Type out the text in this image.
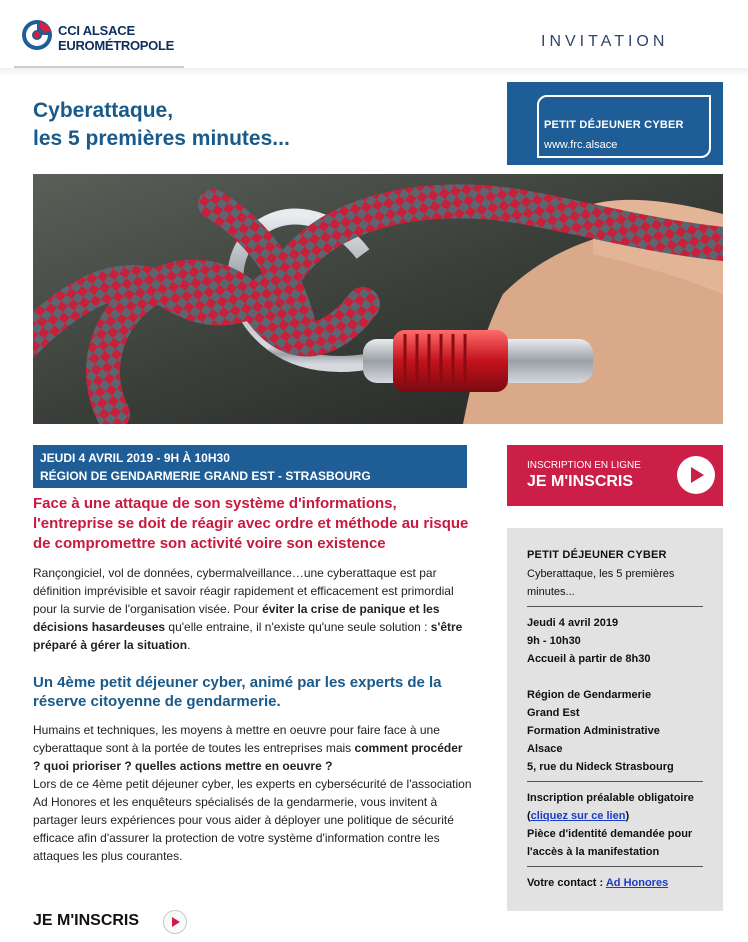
CCI ALSACE
EUROMÉTROPOLE	INVITATION
Cyberattaque,
les 5 premières minutes...
PETIT DÉJEUNER CYBER
www.frc.alsace
JEUDI 4 AVRIL 2019 - 9H À 10H30
RÉGION DE GENDARMERIE GRAND EST - STRASBOURG
INSCRIPTION EN LIGNE
JE M'INSCRIS
Face à une attaque de son système d'informations, l'entreprise se doit de réagir avec ordre et méthode au risque de compromettre son activité voire son existence
Rançongiciel, vol de données, cybermalveillance…une cyberattaque est par définition imprévisible et savoir réagir rapidement et efficacement est primordial pour la survie de l'organisation visée. Pour éviter la crise de panique et les décisions hasardeuses qu'elle entraine, il n'existe qu'une seule solution : s'être préparé à gérer la situation.
Un 4ème petit déjeuner cyber, animé par les experts de la réserve citoyenne de gendarmerie.
Humains et techniques, les moyens à mettre en oeuvre pour faire face à une cyberattaque sont à la portée de toutes les entreprises mais comment procéder ? quoi prioriser ? quelles actions mettre en oeuvre ?
Lors de ce 4ème petit déjeuner cyber, les experts en cybersécurité de l'association Ad Honores et les enquêteurs spécialisés de la gendarmerie, vous invitent à partager leurs expériences pour vous aider à déployer une politique de sécurité efficace afin d'assurer la protection de votre système d'information contre les attaques les plus courantes.
JE M'INSCRIS
PETIT DÉJEUNER CYBER
Cyberattaque, les 5 premières minutes...
Jeudi 4 avril 2019
9h - 10h30
Accueil à partir de 8h30
Région de Gendarmerie
Grand Est
Formation Administrative
Alsace
5, rue du Nideck Strasbourg
Inscription préalable obligatoire
(cliquez sur ce lien)
Pièce d'identité demandée pour
l'accès à la manifestation
Votre contact : Ad Honores
